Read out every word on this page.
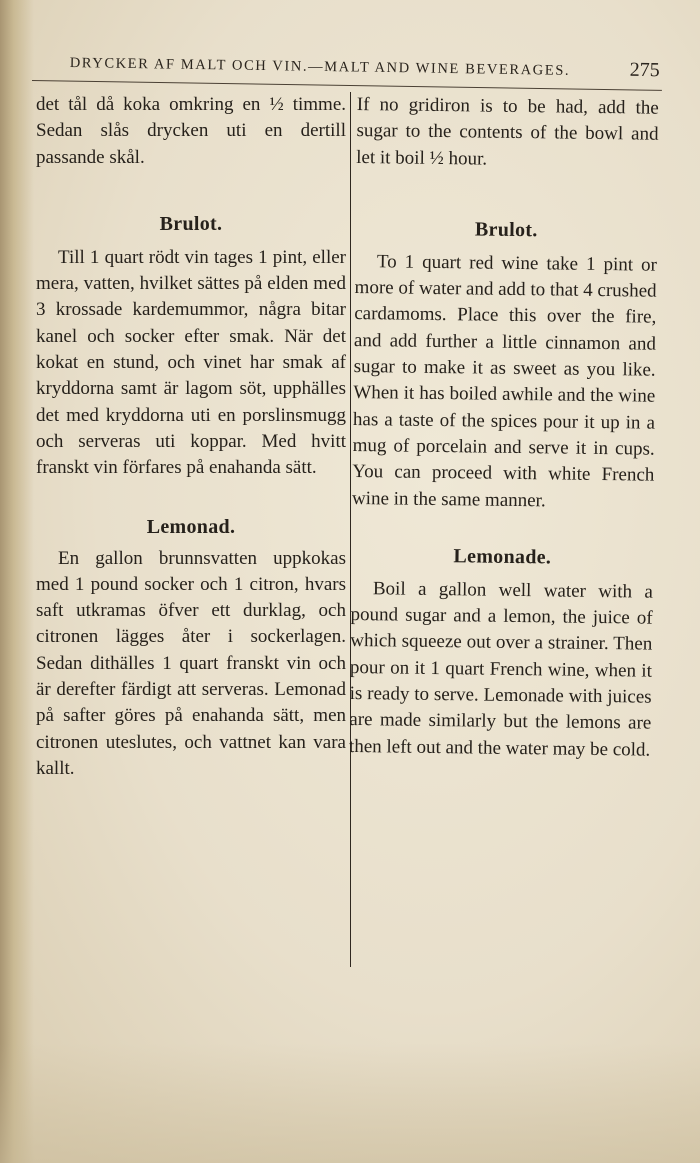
DRYCKER AF MALT OCH VIN.—MALT AND WINE BEVERAGES.	275

det tål då koka omkring en ½ timme. Sedan slås drycken uti en dertill passande skål.

Brulot.

Till 1 quart rödt vin tages 1 pint, eller mera, vatten, hvilket sättes på elden med 3 krossade kardemummor, några bitar kanel och socker efter smak. När det kokat en stund, och vinet har smak af kryddorna samt är lagom söt, upphälles det med kryddorna uti en porslinsmugg och serveras uti koppar. Med hvitt franskt vin förfares på enahanda sätt.

Lemonad.

En gallon brunnsvatten uppkokas med 1 pound socker och 1 citron, hvars saft utkramas öfver ett durklag, och citronen lägges åter i sockerlagen. Sedan dithälles 1 quart franskt vin och är derefter färdigt att serveras. Lemonad på safter göres på enahanda sätt, men citronen uteslutes, och vattnet kan vara kallt.

If no gridiron is to be had, add the sugar to the contents of the bowl and let it boil ½ hour.

Brulot.

To 1 quart red wine take 1 pint or more of water and add to that 4 crushed cardamoms. Place this over the fire, and add further a little cinnamon and sugar to make it as sweet as you like. When it has boiled awhile and the wine has a taste of the spices pour it up in a mug of porcelain and serve it in cups. You can proceed with white French wine in the same manner.

Lemonade.

Boil a gallon well water with a pound sugar and a lemon, the juice of which squeeze out over a strainer. Then pour on it 1 quart French wine, when it is ready to serve. Lemonade with juices are made similarly but the lemons are then left out and the water may be cold.
